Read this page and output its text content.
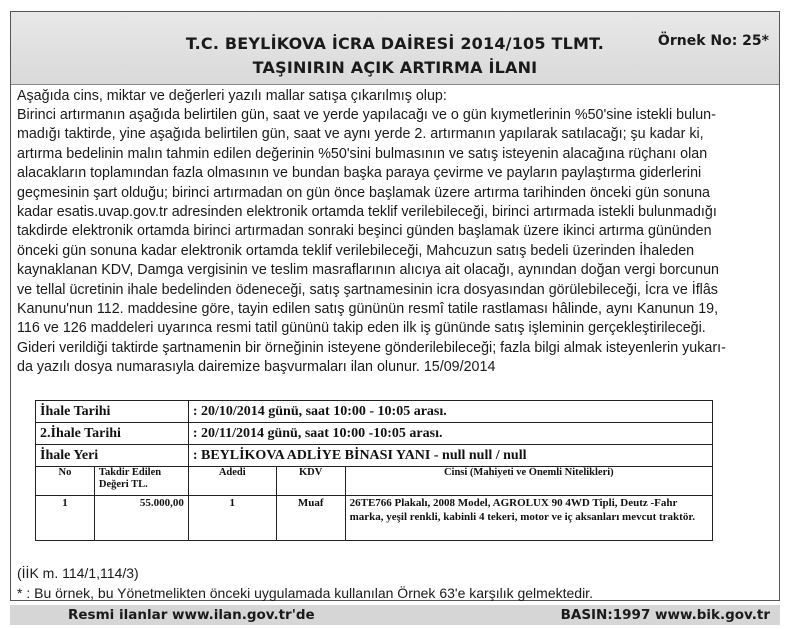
T.C. BEYLİKOVA İCRA DAİRESİ 2014/105 TLMT.
TAŞINIRIN AÇIK ARTIRMA İLANI
Örnek No: 25*
Aşağıda cins, miktar ve değerleri yazılı mallar satışa çıkarılmış olup:
Birinci artırmanın aşağıda belirtilen gün, saat ve yerde yapılacağı ve o gün kıymetlerinin %50'sine istekli bulun-
madığı taktirde, yine aşağıda belirtilen gün, saat ve aynı yerde 2. artırmanın yapılarak satılacağı; şu kadar ki,
artırma bedelinin malın tahmin edilen değerinin %50'sini bulmasının ve satış isteyenin alacağına rüçhanı olan
alacakların toplamından fazla olmasının ve bundan başka paraya çevirme ve payların paylaştırma giderlerini
geçmesinin şart olduğu; birinci artırmadan on gün önce başlamak üzere artırma tarihinden önceki gün sonuna
kadar esatis.uvap.gov.tr adresinden elektronik ortamda teklif verilebileceği, birinci artırmada istekli bulunmadığı
takdirde elektronik ortamda birinci artırmadan sonraki beşinci günden başlamak üzere ikinci artırma gününden
önceki gün sonuna kadar elektronik ortamda teklif verilebileceği, Mahcuzun satış bedeli üzerinden İhaleden
kaynaklanan KDV, Damga vergisinin ve teslim masraflarının alıcıya ait olacağı, aynından doğan vergi borcunun
ve tellal ücretinin ihale bedelinden ödeneceği, satış şartnamesinin icra dosyasından görülebileceği, İcra ve İflâs
Kanunu'nun 112. maddesine göre, tayin edilen satış gününün resmî tatile rastlaması hâlinde, aynı Kanunun 19,
116 ve 126 maddeleri uyarınca resmi tatil gününü takip eden ilk iş gününde satış işleminin gerçekleştirileceği.
Gideri verildiği taktirde şartnamenin bir örneğinin isteyene gönderilebileceği; fazla bilgi almak isteyenlerin yukarı-
da yazılı dosya numarasıyla dairemize başvurmaları ilan olunur. 15/09/2014
(İİK m. 114/1,114/3)
* : Bu örnek, bu Yönetmelikten önceki uygulamada kullanılan Örnek 63'e karşılık gelmektedir.
İhale Tarihi		: 20/10/2014 günü, saat 10:00 - 10:05 arası.		
2.İhale Tarihi		: 20/11/2014 günü, saat 10:00 -10:05 arası.		
İhale Yeri		: BEYLİKOVA ADLİYE BİNASI YANI - null null / null		
No	Takdir Edilen Değeri TL.	Adedi	KDV	Cinsi (Mahiyeti ve Önemli Nitelikleri)
1	55.000,00	1	Muaf	26TE766 Plakalı, 2008 Model, AGROLUX 90 4WD Tipli, Deutz -Fahr marka, yeşil renkli, kabinli 4 tekeri, motor ve iç aksanları mevcut traktör.
Resmi ilanlar www.ilan.gov.tr'de	BASIN:1997 www.bik.gov.tr
